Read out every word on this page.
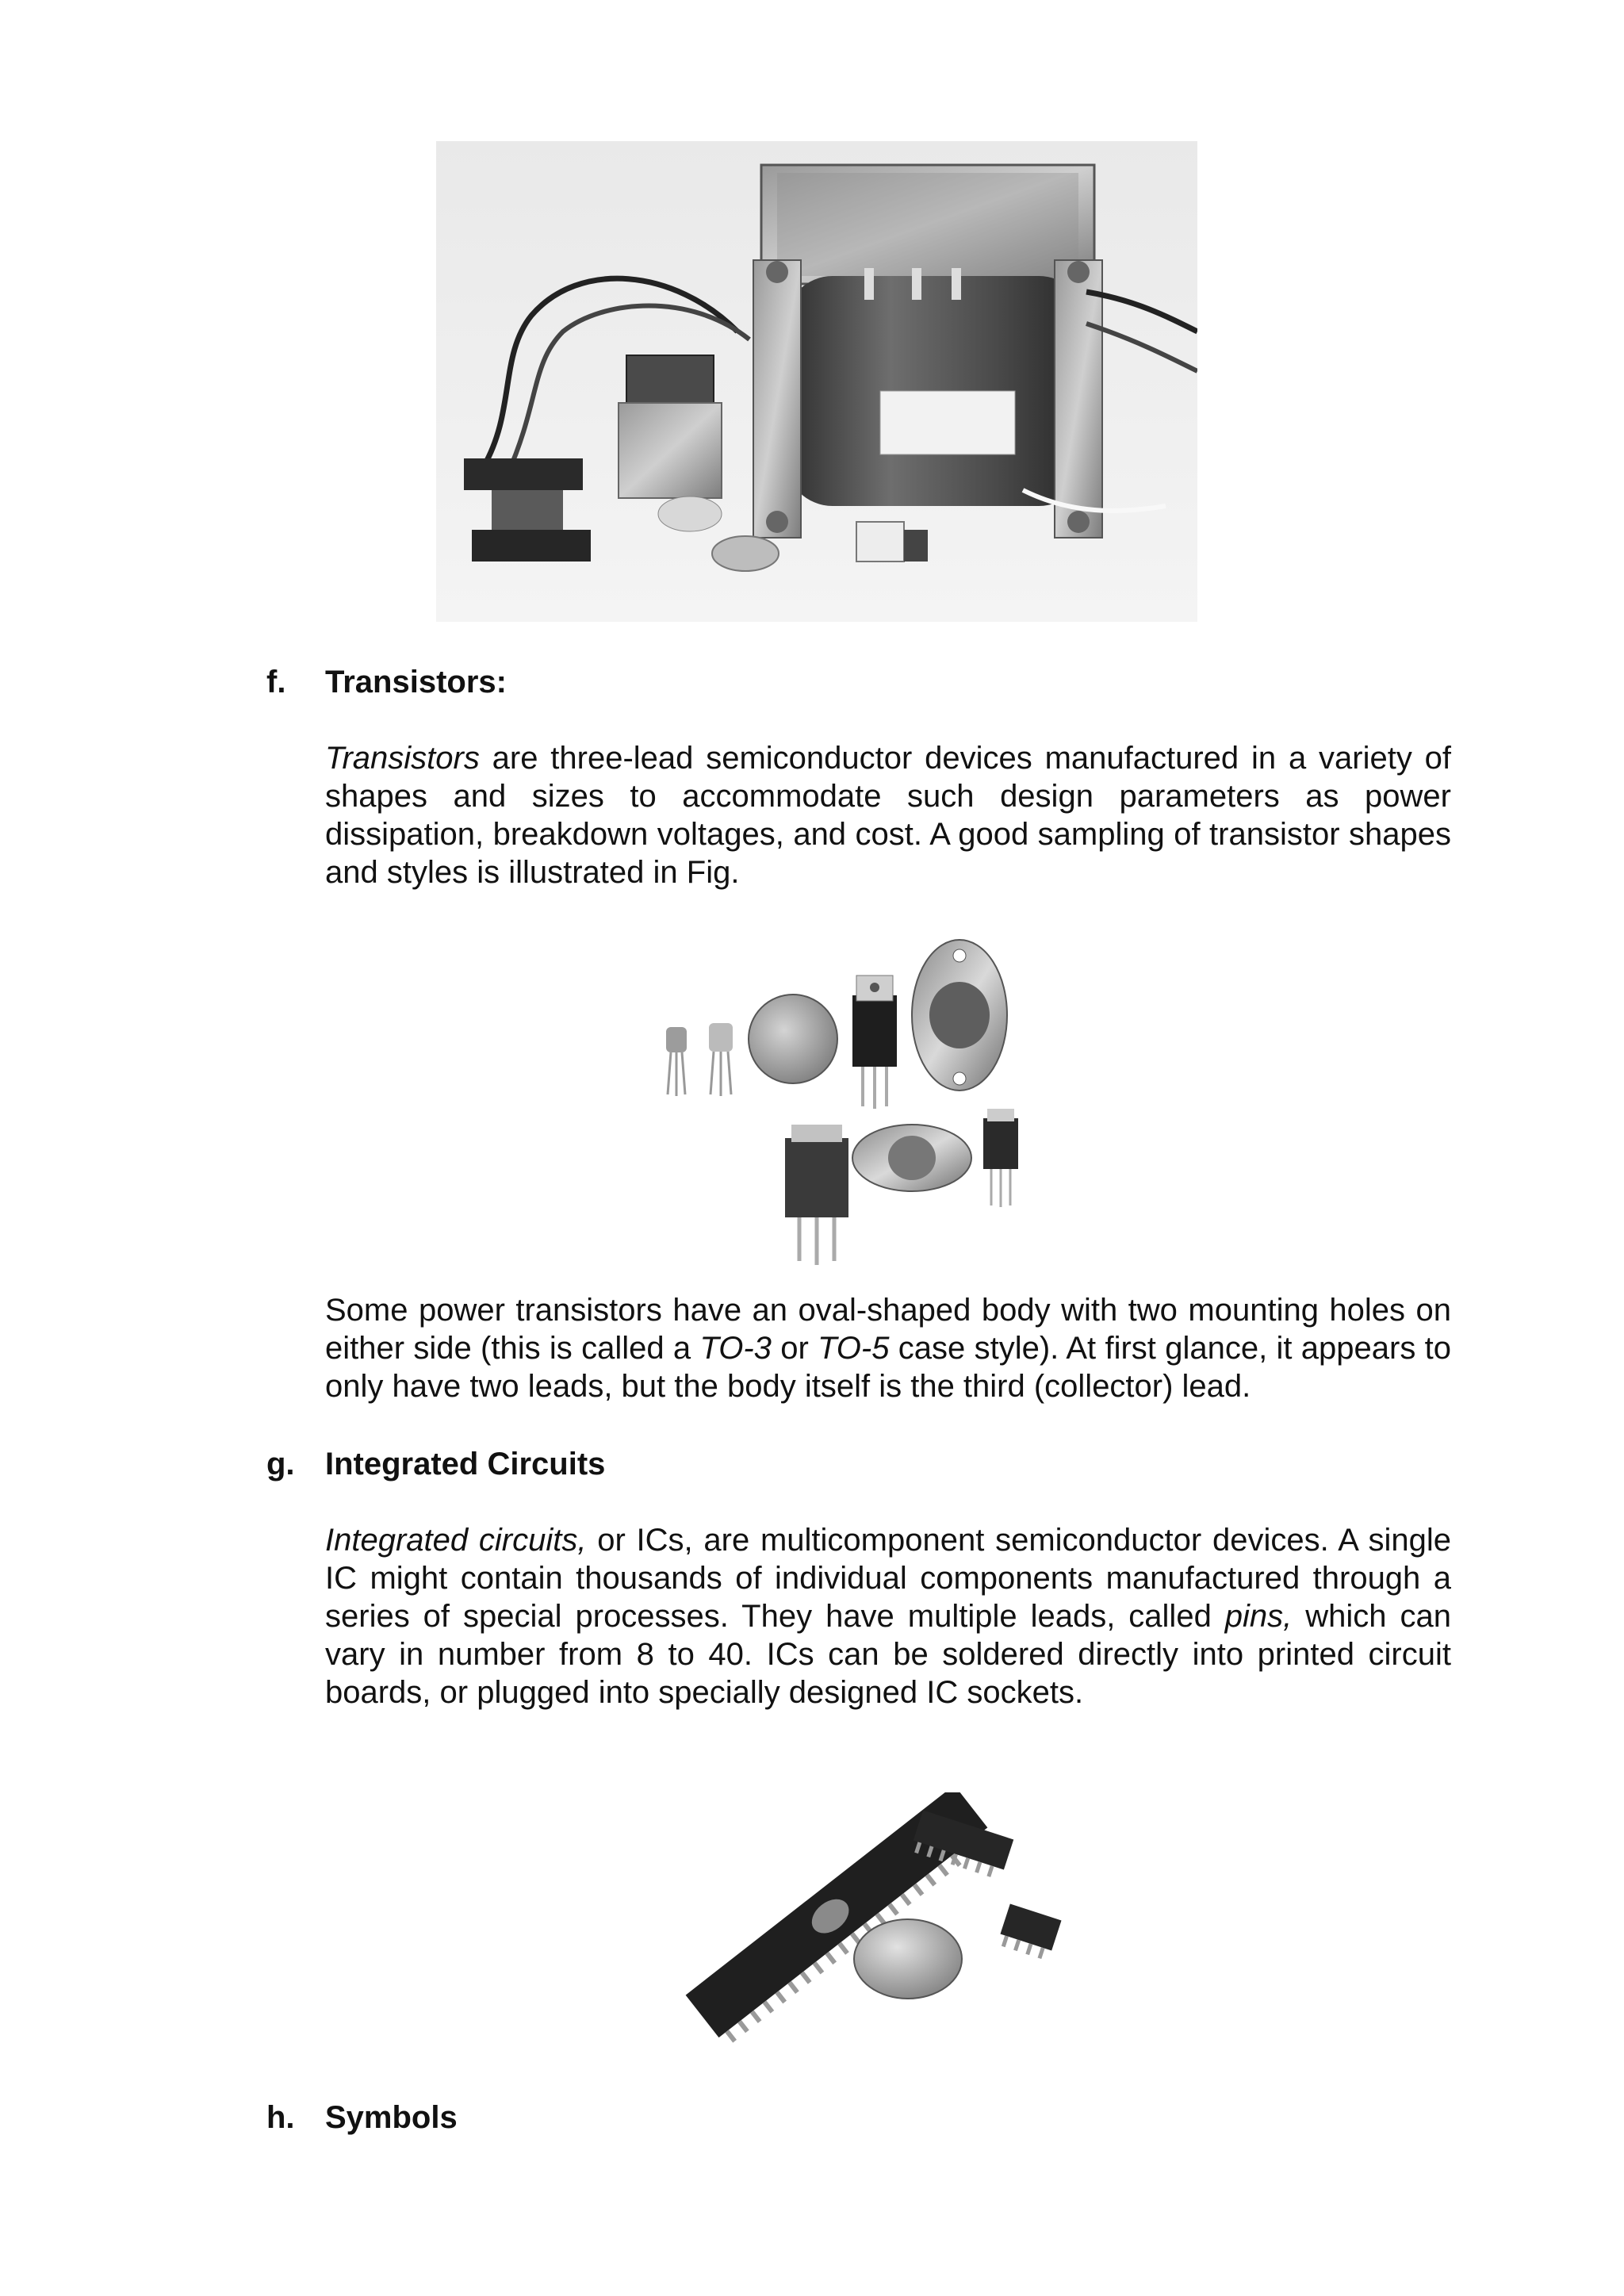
f. Transistors:
Transistors are three-lead semiconductor devices manufactured in a variety of shapes and sizes to accommodate such design parameters as power dissipation, breakdown voltages, and cost. A good sampling of transistor shapes and styles is illustrated in Fig.
Some power transistors have an oval-shaped body with two mounting holes on either side (this is called a TO-3 or TO-5 case style). At first glance, it appears to only have two leads, but the body itself is the third (collector) lead.
g. Integrated Circuits
Integrated circuits, or ICs, are multicomponent semiconductor devices. A single IC might contain thousands of individual components manufactured through a series of special processes. They have multiple leads, called pins, which can vary in number from 8 to 40. ICs can be soldered directly into printed circuit boards, or plugged into specially designed IC sockets.
h. Symbols
